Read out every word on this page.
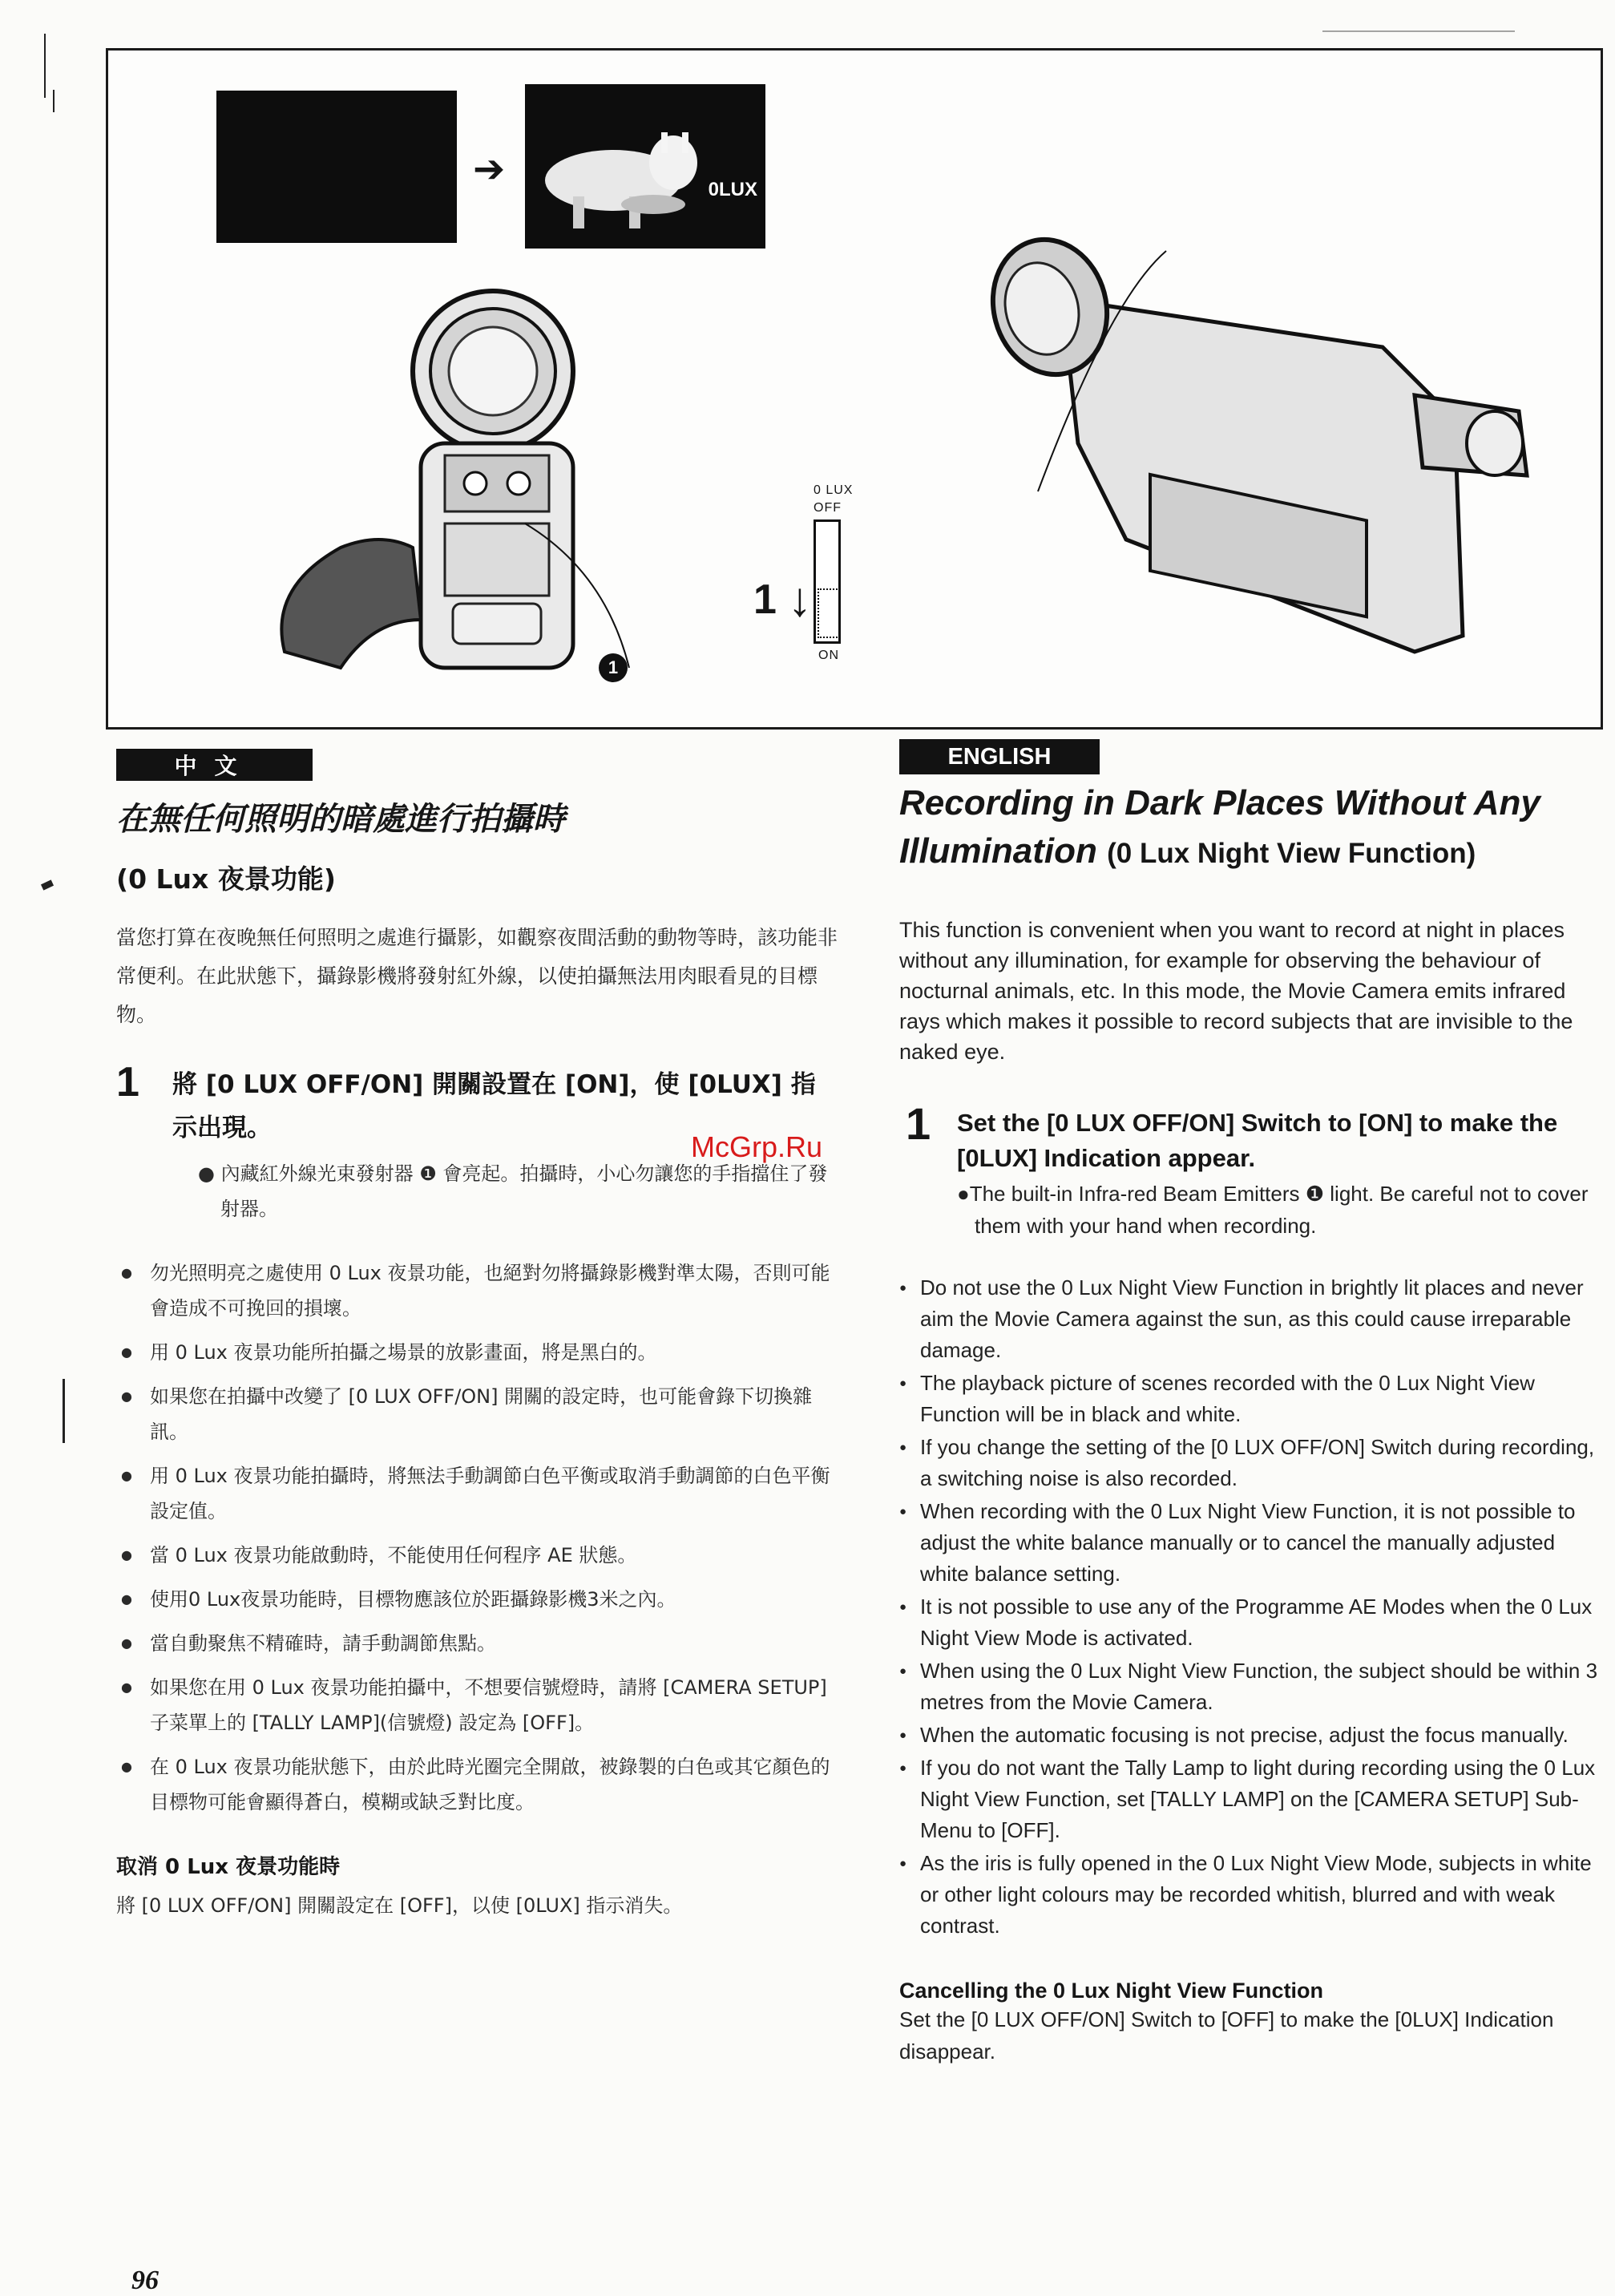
➔	0LUX
1
0 LUX
OFF
ON
1 ↓
中文	ENGLISH
在無任何照明的暗處進行拍攝時
(0 Lux 夜景功能)

當您打算在夜晚無任何照明之處進行攝影，如觀察夜間活動的動物等時，該功能非常便利。在此狀態下，攝錄影機將發射紅外線，以使拍攝無法用肉眼看見的目標物。

1 將 [0 LUX OFF/ON] 開關設置在 [ON]，使 [0LUX] 指示出現。
● 內藏紅外線光束發射器 ❶ 會亮起。拍攝時，小心勿讓您的手指擋住了發射器。
● 勿光照明亮之處使用 0 Lux 夜景功能，也絕對勿將攝錄影機對準太陽，否則可能會造成不可挽回的損壞。
● 用 0 Lux 夜景功能所拍攝之場景的放影畫面，將是黑白的。
● 如果您在拍攝中改變了 [0 LUX OFF/ON] 開關的設定時，也可能會錄下切換雜訊。
● 用 0 Lux 夜景功能拍攝時，將無法手動調節白色平衡或取消手動調節的白色平衡設定值。
● 當 0 Lux 夜景功能啟動時，不能使用任何程序 AE 狀態。
● 使用0 Lux夜景功能時，目標物應該位於距攝錄影機3米之內。
● 當自動聚焦不精確時，請手動調節焦點。
● 如果您在用 0 Lux 夜景功能拍攝中，不想要信號燈時，請將 [CAMERA SETUP] 子菜單上的 [TALLY LAMP](信號燈) 設定為 [OFF]。
● 在 0 Lux 夜景功能狀態下，由於此時光圈完全開啟，被錄製的白色或其它顏色的目標物可能會顯得蒼白，模糊或缺乏對比度。
取消 0 Lux 夜景功能時
將 [0 LUX OFF/ON] 開關設定在 [OFF]，以使 [0LUX] 指示消失。
McGrp.Ru
Recording in Dark Places Without Any Illumination (0 Lux Night View Function)

This function is convenient when you want to record at night in places without any illumination, for example for observing the behaviour of nocturnal animals, etc. In this mode, the Movie Camera emits infrared rays which makes it possible to record subjects that are invisible to the naked eye.

1 Set the [0 LUX OFF/ON] Switch to [ON] to make the [0LUX] Indication appear.
●The built-in Infra-red Beam Emitters ❶ light. Be careful not to cover them with your hand when recording.
● Do not use the 0 Lux Night View Function in brightly lit places and never aim the Movie Camera against the sun, as this could cause irreparable damage.
● The playback picture of scenes recorded with the 0 Lux Night View Function will be in black and white.
● If you change the setting of the [0 LUX OFF/ON] Switch during recording, a switching noise is also recorded.
● When recording with the 0 Lux Night View Function, it is not possible to adjust the white balance manually or to cancel the manually adjusted white balance setting.
● It is not possible to use any of the Programme AE Modes when the 0 Lux Night View Mode is activated.
● When using the 0 Lux Night View Function, the subject should be within 3 metres from the Movie Camera.
● When the automatic focusing is not precise, adjust the focus manually.
● If you do not want the Tally Lamp to light during recording using the 0 Lux Night View Function, set [TALLY LAMP] on the [CAMERA SETUP] Sub-Menu to [OFF].
● As the iris is fully opened in the 0 Lux Night View Mode, subjects in white or other light colours may be recorded whitish, blurred and with weak contrast.
Cancelling the 0 Lux Night View Function
Set the [0 LUX OFF/ON] Switch to [OFF] to make the [0LUX] Indication disappear.
96
